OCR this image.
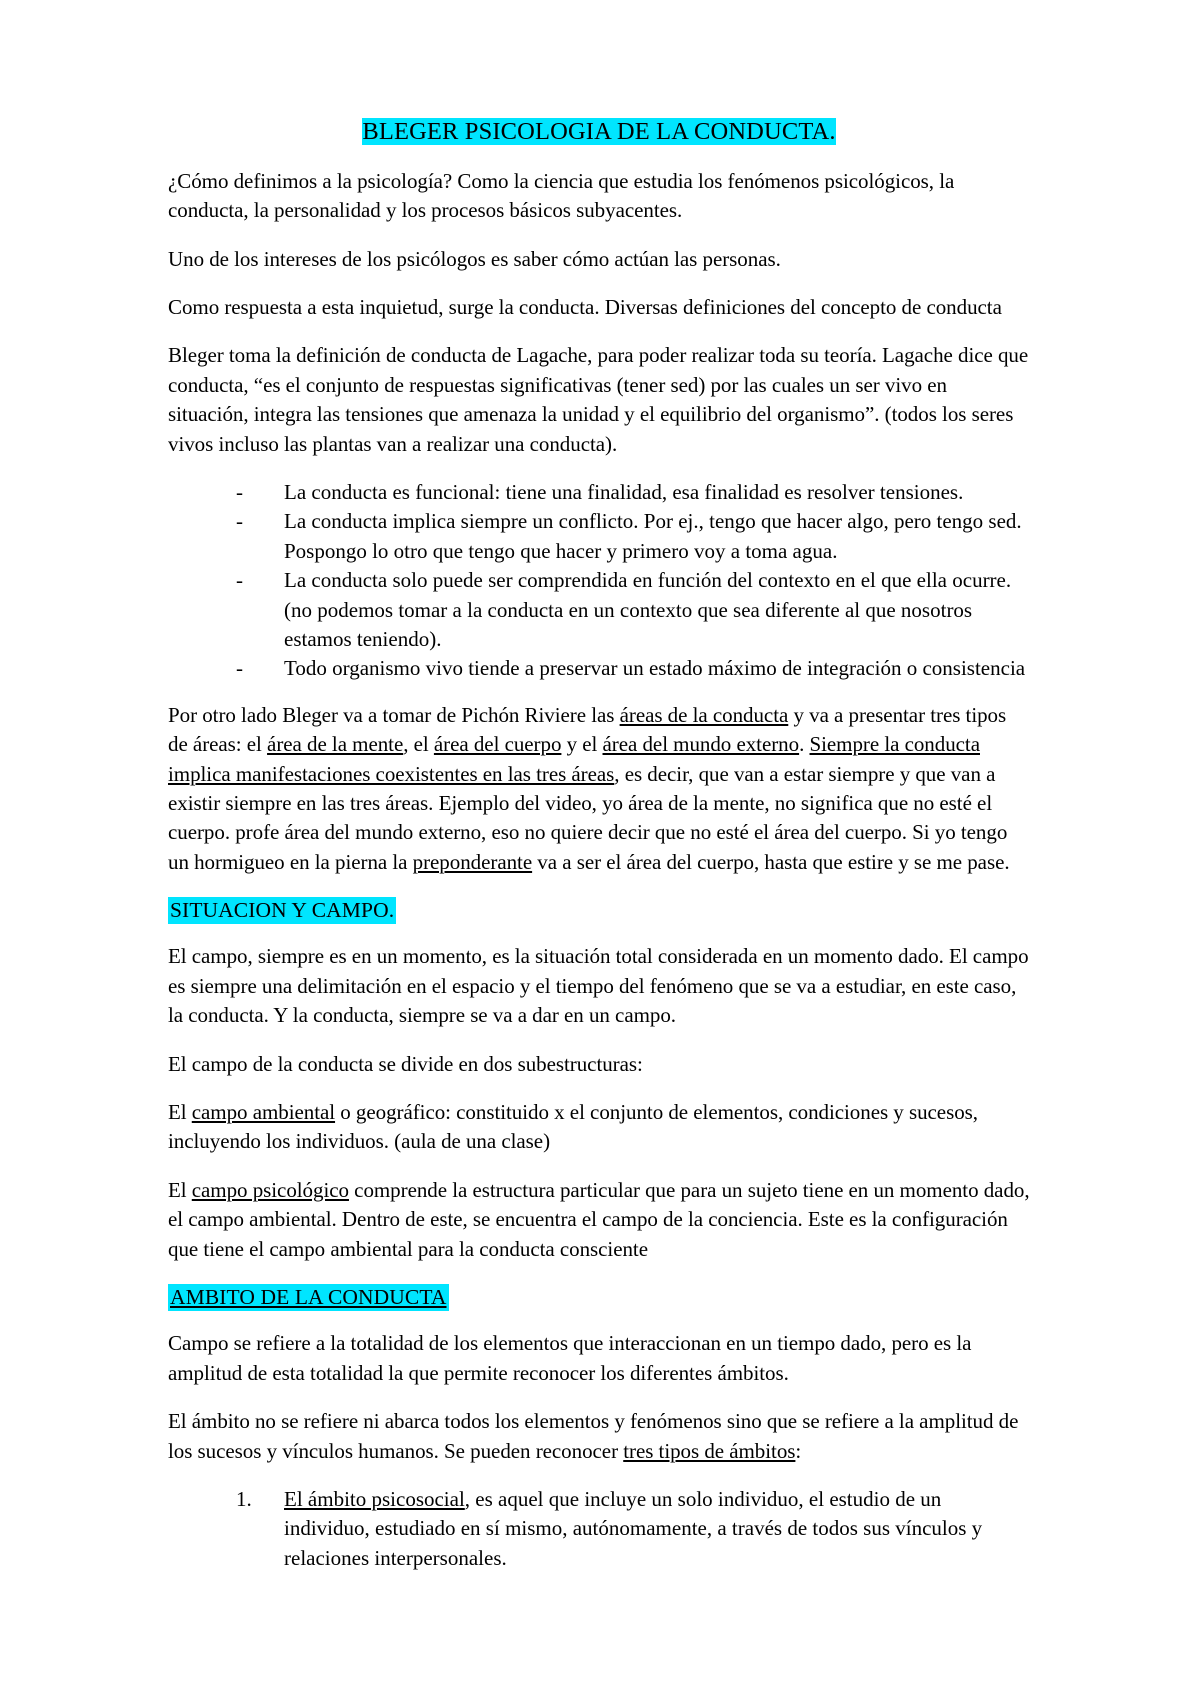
BLEGER PSICOLOGIA DE LA CONDUCTA.

¿Cómo definimos a la psicología? Como la ciencia que estudia los fenómenos psicológicos, la conducta, la personalidad y los procesos básicos subyacentes.

Uno de los intereses de los psicólogos es saber cómo actúan las personas.

Como respuesta a esta inquietud, surge la conducta. Diversas definiciones del concepto de conducta

Bleger toma la definición de conducta de Lagache, para poder realizar toda su teoría. Lagache dice que conducta, “es el conjunto de respuestas significativas (tener sed) por las cuales un ser vivo en situación, integra las tensiones que amenaza la unidad y el equilibrio del organismo”. (todos los seres vivos incluso las plantas van a realizar una conducta).

- La conducta es funcional: tiene una finalidad, esa finalidad es resolver tensiones.
- La conducta implica siempre un conflicto. Por ej., tengo que hacer algo, pero tengo sed. Pospongo lo otro que tengo que hacer y primero voy a toma agua.
- La conducta solo puede ser comprendida en función del contexto en el que ella ocurre. (no podemos tomar a la conducta en un contexto que sea diferente al que nosotros estamos teniendo).
- Todo organismo vivo tiende a preservar un estado máximo de integración o consistencia

Por otro lado Bleger va a tomar de Pichón Riviere las áreas de la conducta y va a presentar tres tipos de áreas: el área de la mente, el área del cuerpo y el área del mundo externo. Siempre la conducta implica manifestaciones coexistentes en las tres áreas, es decir, que van a estar siempre y que van a existir siempre en las tres áreas. Ejemplo del video, yo área de la mente, no significa que no esté el cuerpo. profe área del mundo externo, eso no quiere decir que no esté el área del cuerpo. Si yo tengo un hormigueo en la pierna la preponderante va a ser el área del cuerpo, hasta que estire y se me pase.

SITUACION Y CAMPO.

El campo, siempre es en un momento, es la situación total considerada en un momento dado. El campo es siempre una delimitación en el espacio y el tiempo del fenómeno que se va a estudiar, en este caso, la conducta. Y la conducta, siempre se va a dar en un campo.

El campo de la conducta se divide en dos subestructuras:

El campo ambiental o geográfico: constituido x el conjunto de elementos, condiciones y sucesos, incluyendo los individuos. (aula de una clase)

El campo psicológico comprende la estructura particular que para un sujeto tiene en un momento dado, el campo ambiental. Dentro de este, se encuentra el campo de la conciencia. Este es la configuración que tiene el campo ambiental para la conducta consciente

AMBITO DE LA CONDUCTA

Campo se refiere a la totalidad de los elementos que interaccionan en un tiempo dado, pero es la amplitud de esta totalidad la que permite reconocer los diferentes ámbitos.

El ámbito no se refiere ni abarca todos los elementos y fenómenos sino que se refiere a la amplitud de los sucesos y vínculos humanos. Se pueden reconocer tres tipos de ámbitos:

El ámbito psicosocial, es aquel que incluye un solo individuo, el estudio de un individuo, estudiado en sí mismo, autónomamente, a través de todos sus vínculos y relaciones interpersonales.
